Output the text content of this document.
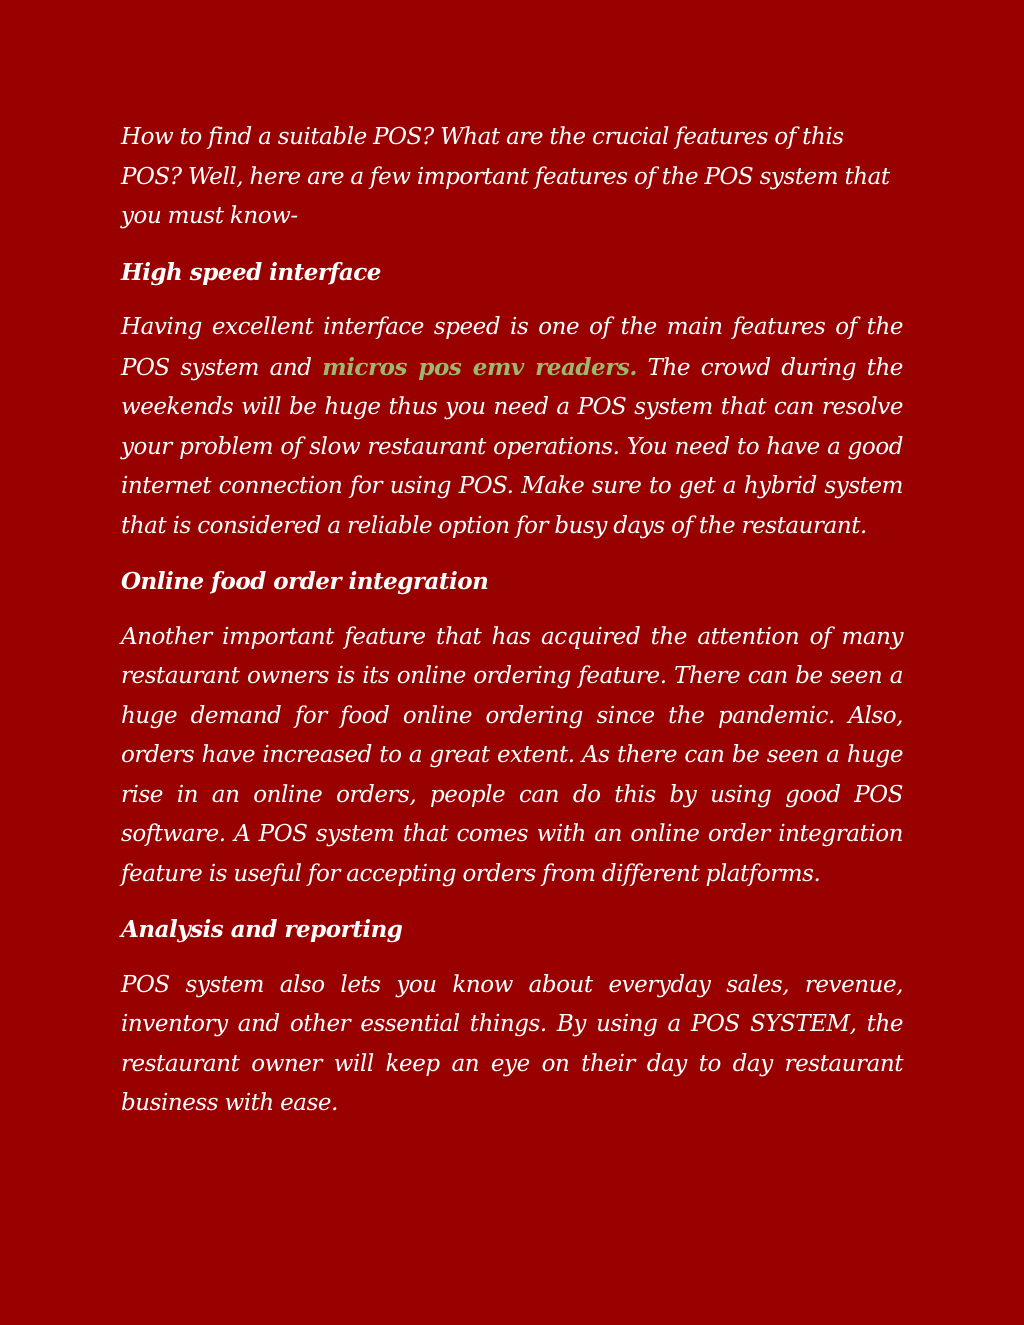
How to find a suitable POS? What are the crucial features of this POS? Well, here are a few important features of the POS system that you must know-

High speed interface

Having excellent interface speed is one of the main features of the POS system and micros pos emv readers. The crowd during the weekends will be huge thus you need a POS system that can resolve your problem of slow restaurant operations. You need to have a good internet connection for using POS. Make sure to get a hybrid system that is considered a reliable option for busy days of the restaurant.

Online food order integration

Another important feature that has acquired the attention of many restaurant owners is its online ordering feature. There can be seen a huge demand for food online ordering since the pandemic. Also, orders have increased to a great extent. As there can be seen a huge rise in an online orders, people can do this by using good POS software. A POS system that comes with an online order integration feature is useful for accepting orders from different platforms.

Analysis and reporting

POS system also lets you know about everyday sales, revenue, inventory and other essential things. By using a POS SYSTEM, the restaurant owner will keep an eye on their day to day restaurant business with ease.
